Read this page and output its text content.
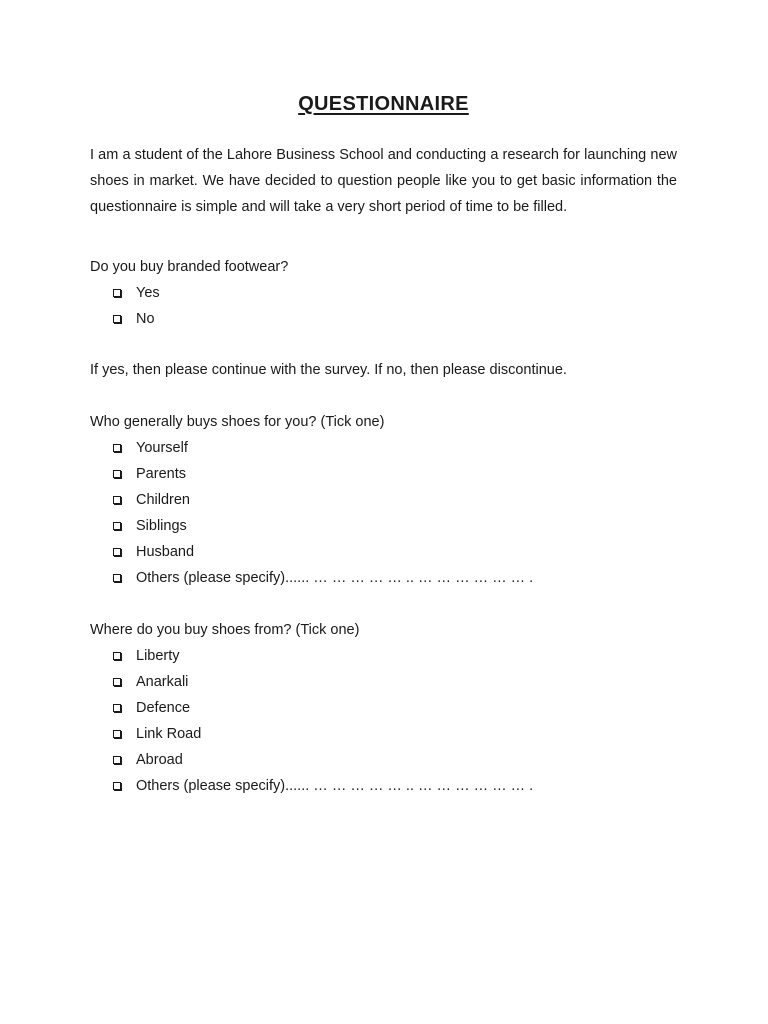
QUESTIONNAIRE

I am a student of the Lahore Business School and conducting a research for launching new shoes in market. We have decided to question people like you to get basic information the questionnaire is simple and will take a very short period of time to be filled.

Do you buy branded footwear?

Yes
No

If yes, then please continue with the survey. If no, then please discontinue.

Who generally buys shoes for you? (Tick one)

Yourself
Parents
Children
Siblings
Husband
Others (please specify)...... … … … … … .. … … … … … … .

Where do you buy shoes from? (Tick one)

Liberty
Anarkali
Defence
Link Road
Abroad
Others (please specify)...... … … … … … .. … … … … … … .
